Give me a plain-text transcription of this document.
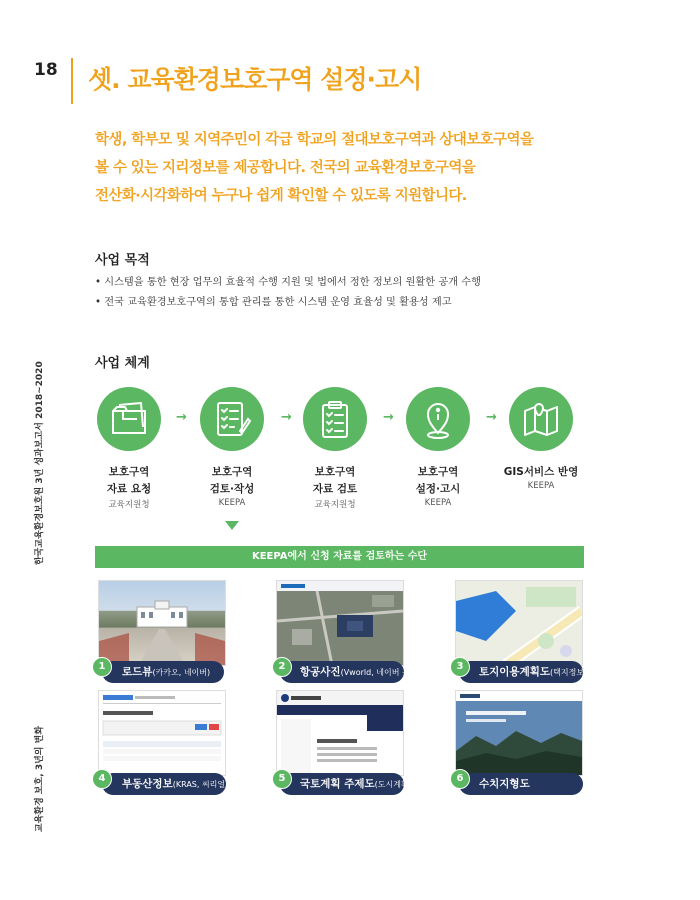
18 셋. 교육환경보호구역 설정·고시
학생, 학부모 및 지역주민이 각급 학교의 절대보호구역과 상대보호구역을
볼 수 있는 지리정보를 제공합니다. 전국의 교육환경보호구역을
전산화·시각화하여 누구나 쉽게 확인할 수 있도록 지원합니다.
한국교육환경보호원 3년 성과보고서 2018~2020
교육환경 보호, 3년의 변화
사업 목적
• 시스템을 통한 현장 업무의 효율적 수행 지원 및 법에서 정한 정보의 원활한 공개 수행
• 전국 교육환경보호구역의 통합 관리를 통한 시스템 운영 효율성 및 활용성 제고
사업 체계
→	→	→	→
보호구역
자료 요청
교육지원청
보호구역
검토·작성
KEEPA
보호구역
자료 검토
교육지원청
보호구역
설정·고시
KEEPA
GIS서비스 반영
KEEPA
KEEPA에서 신청 자료를 검토하는 수단
로드뷰(카카오, 네이버)
1	항공사진(Vworld, 네이버 등)
2	토지이용계획도(택지정보)
3
부동산정보(KRAS, 씨리얼)
4	국토계획 주제도(도시계획 등)
5	수치지형도
6
